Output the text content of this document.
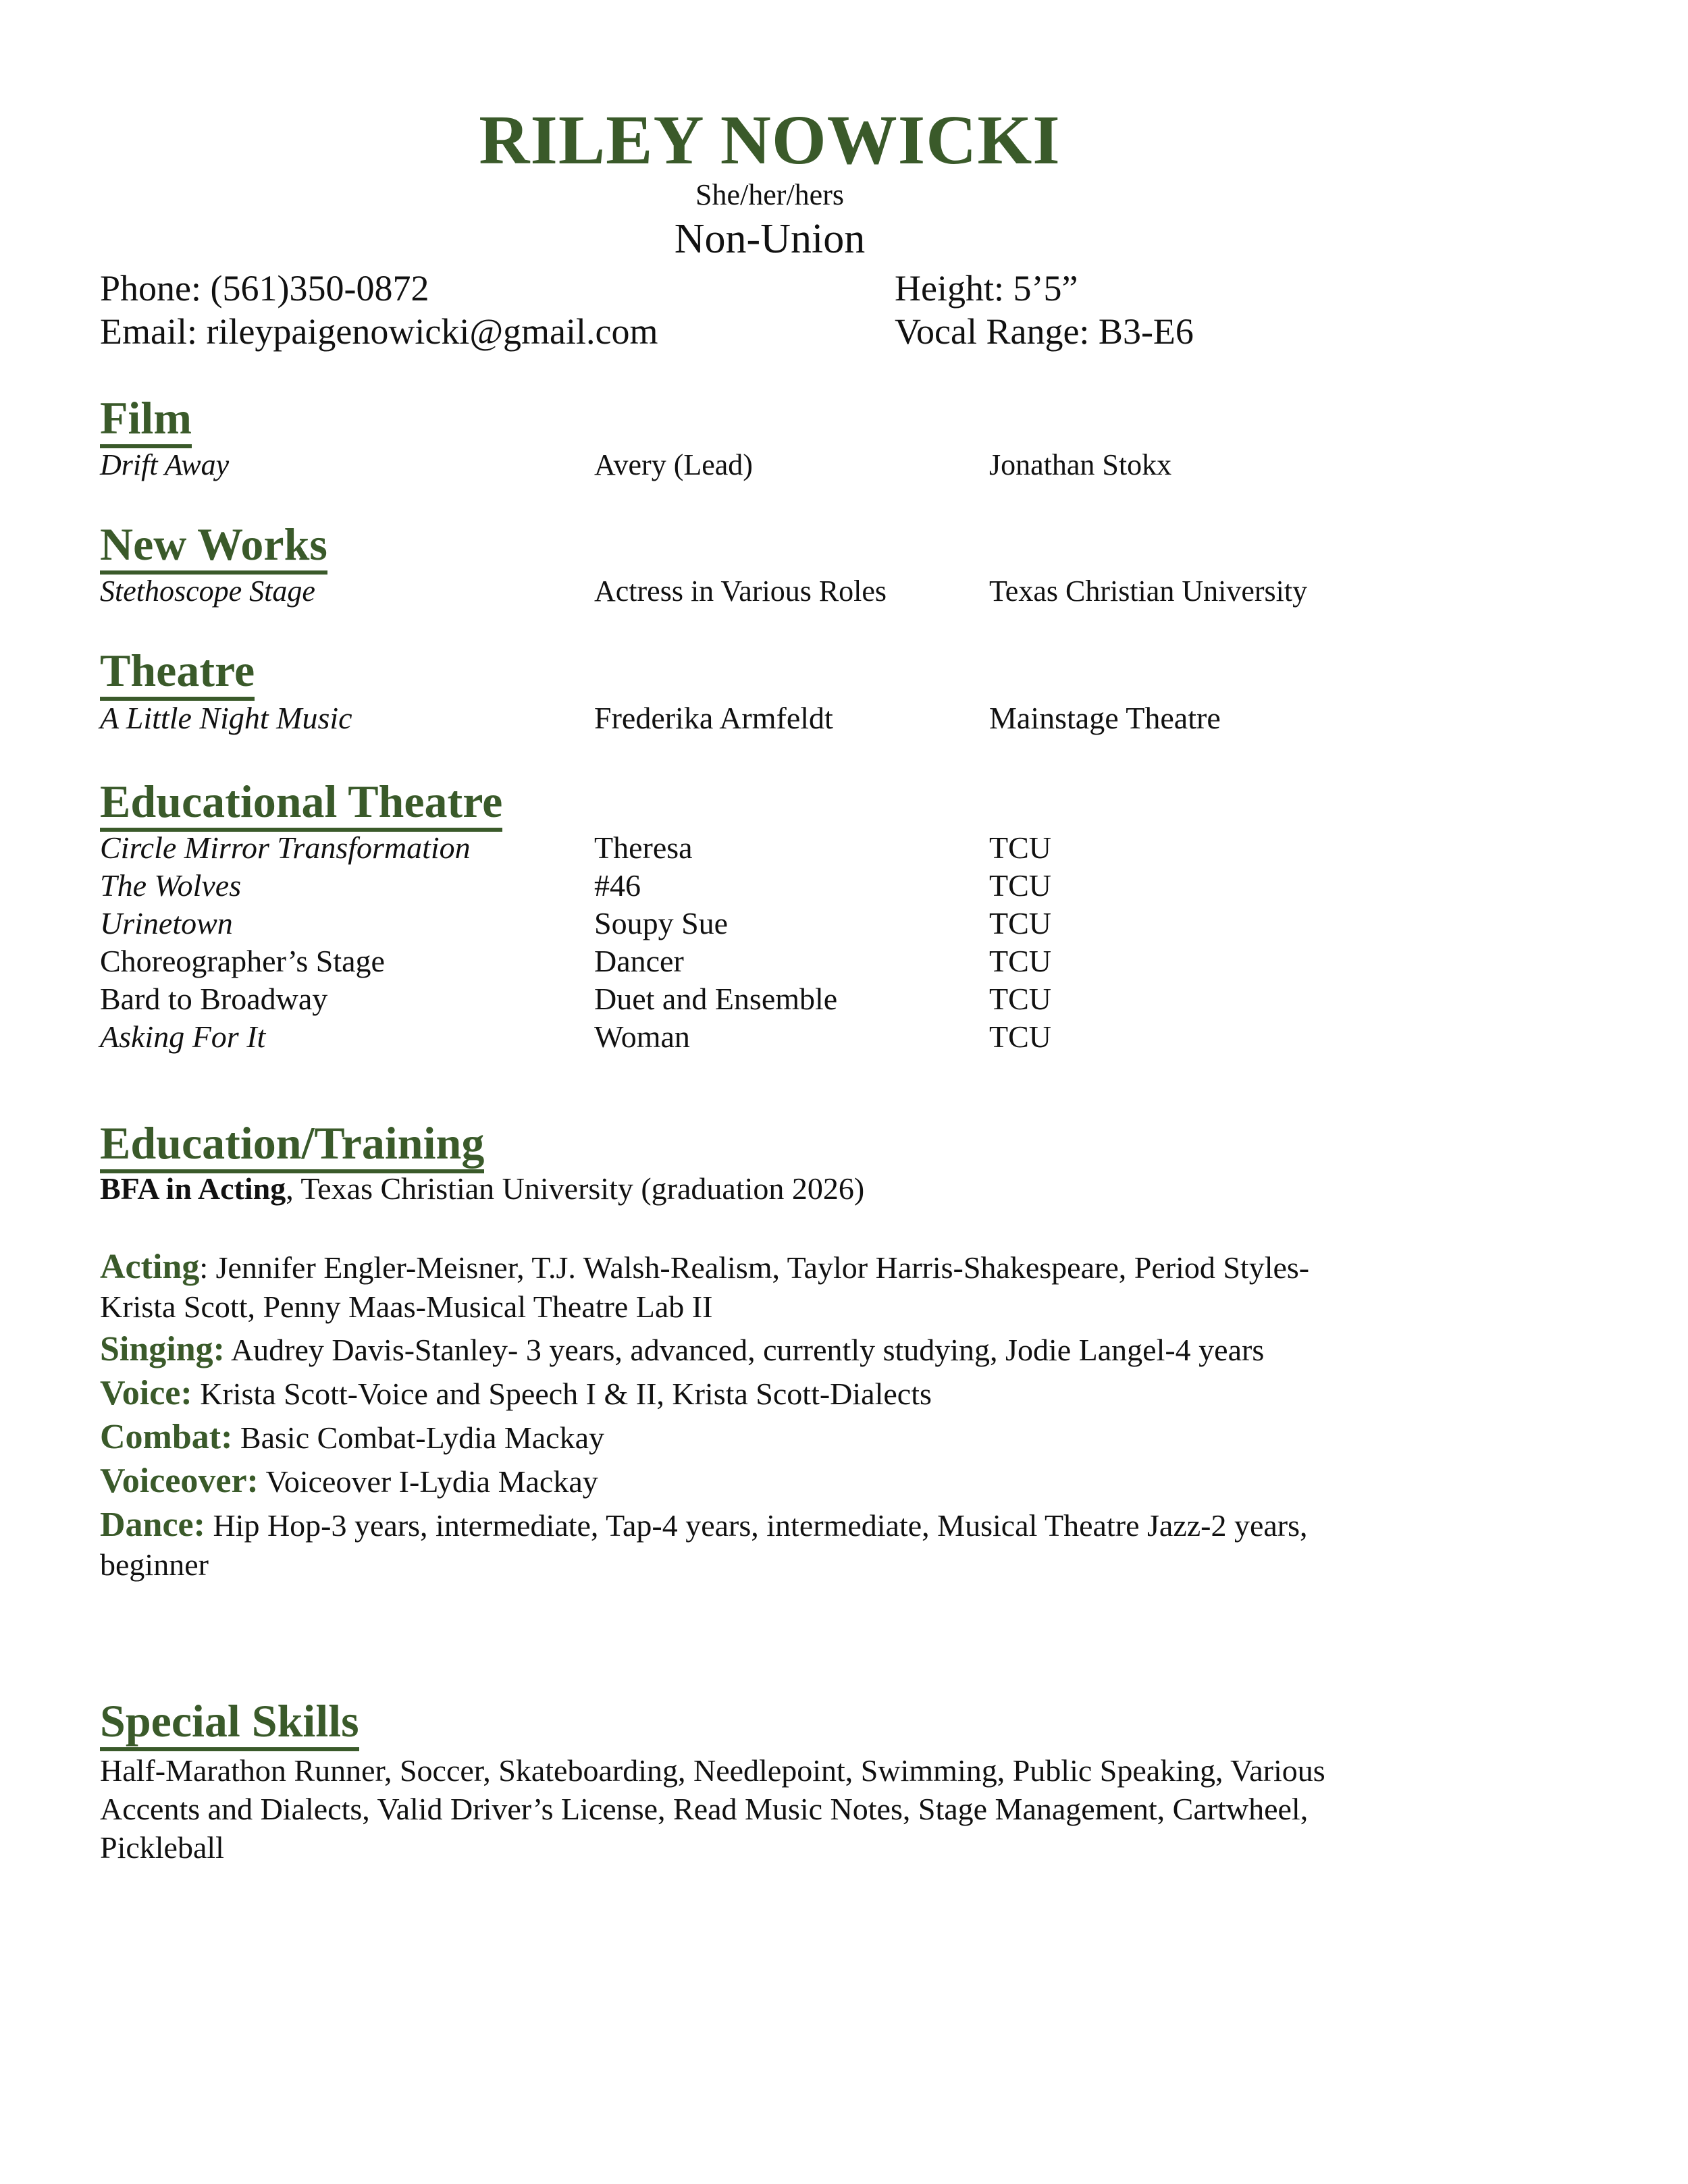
RILEY NOWICKI
She/her/hers
Non-Union
Phone: (561)350-0872
Email: rileypaigenowicki@gmail.com
Height: 5’5”
Vocal Range: B3-E6
Film
Drift Away	Avery (Lead)	Jonathan Stokx
New Works
Stethoscope Stage	Actress in Various Roles	Texas Christian University
Theatre
A Little Night Music	Frederika Armfeldt	Mainstage Theatre
Educational Theatre
Circle Mirror Transformation	Theresa	TCU
The Wolves	#46	TCU
Urinetown	Soupy Sue	TCU
Choreographer’s Stage	Dancer	TCU
Bard to Broadway	Duet and Ensemble	TCU
Asking For It	Woman	TCU
Education/Training
BFA in Acting, Texas Christian University (graduation 2026)
Acting: Jennifer Engler-Meisner, T.J. Walsh-Realism, Taylor Harris-Shakespeare, Period Styles-Krista Scott, Penny Maas-Musical Theatre Lab II
Singing: Audrey Davis-Stanley- 3 years, advanced, currently studying, Jodie Langel-4 years
Voice: Krista Scott-Voice and Speech I & II, Krista Scott-Dialects
Combat: Basic Combat-Lydia Mackay
Voiceover: Voiceover I-Lydia Mackay
Dance: Hip Hop-3 years, intermediate, Tap-4 years, intermediate, Musical Theatre Jazz-2 years, beginner
Special Skills
Half-Marathon Runner, Soccer, Skateboarding, Needlepoint, Swimming, Public Speaking, Various Accents and Dialects, Valid Driver’s License, Read Music Notes, Stage Management, Cartwheel, Pickleball
